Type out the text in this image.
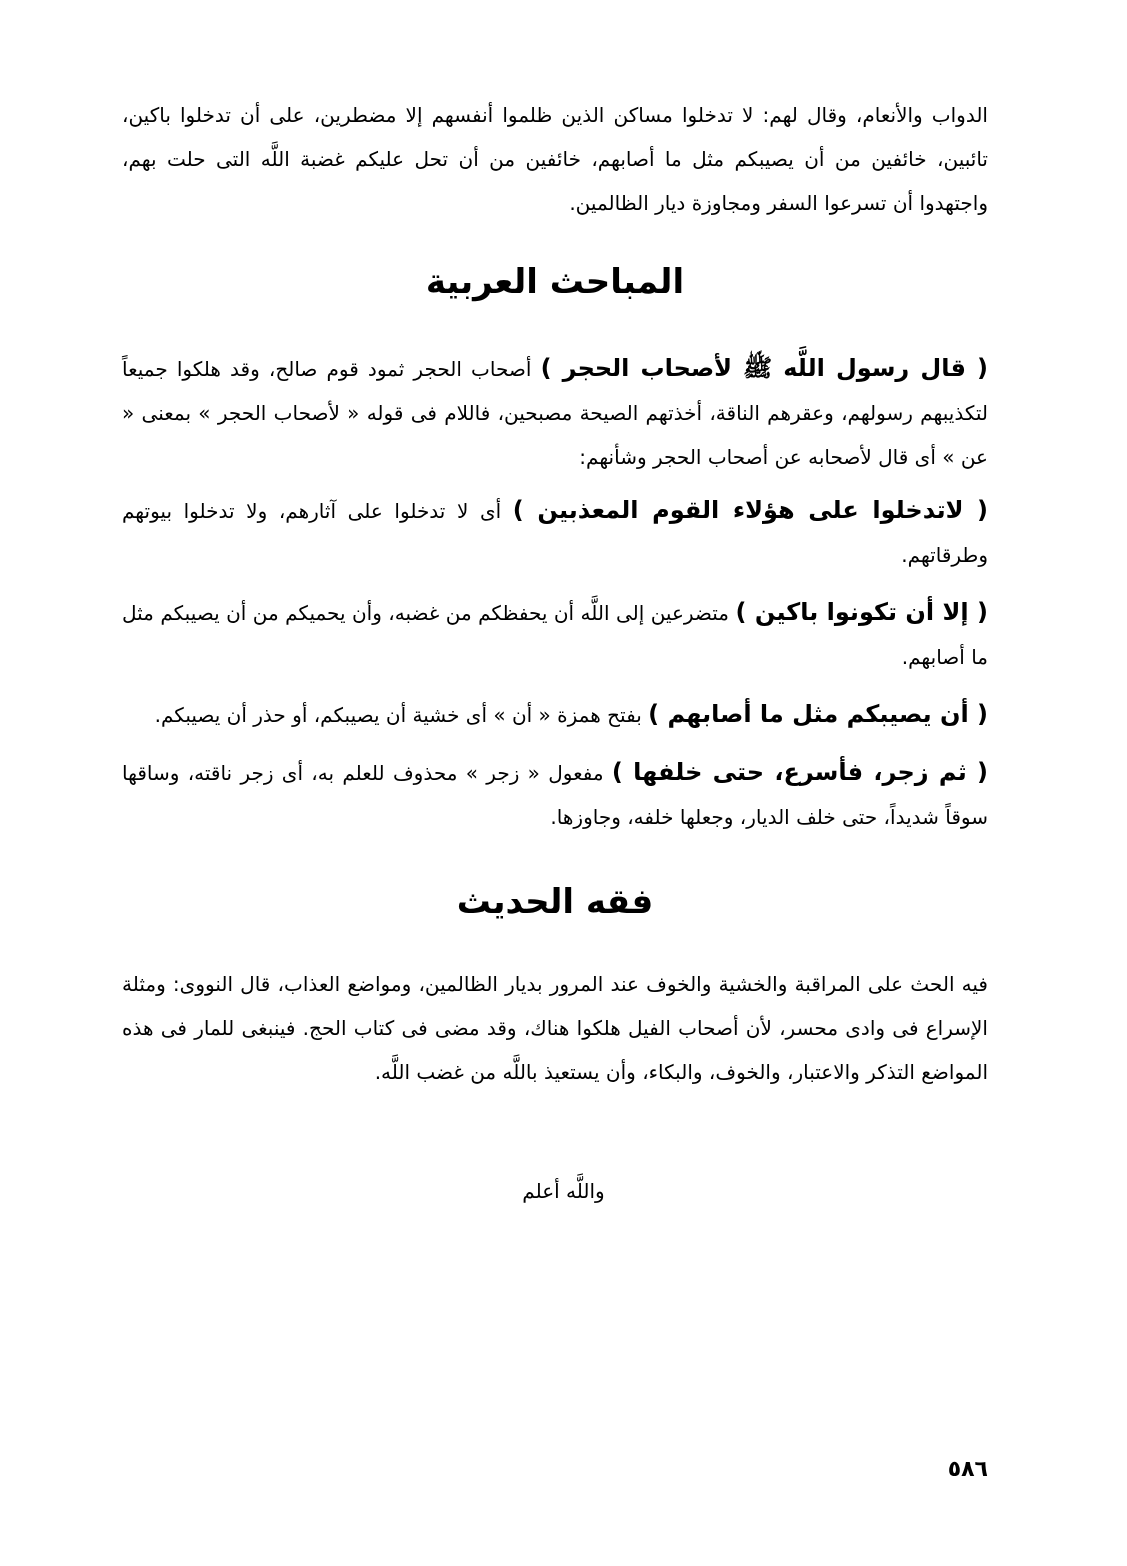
الدواب والأنعام، وقال لهم: لا تدخلوا مساكن الذين ظلموا أنفسهم إلا مضطرين، على أن تدخلوا باكين، تائبين، خائفين من أن يصيبكم مثل ما أصابهم، خائفين من أن تحل عليكم غضبة اللَّه التى حلت بهم، واجتهدوا أن تسرعوا السفر ومجاوزة ديار الظالمين.

المباحث العربية

( قال رسول اللَّه ﷺ لأصحاب الحجر ) أصحاب الحجر ثمود قوم صالح، وقد هلكوا جميعاً لتكذيبهم رسولهم، وعقرهم الناقة، أخذتهم الصيحة مصبحين، فاللام فى قوله « لأصحاب الحجر » بمعنى « عن » أى قال لأصحابه عن أصحاب الحجر وشأنهم:

( لاتدخلوا على هؤلاء القوم المعذبين ) أى لا تدخلوا على آثارهم، ولا تدخلوا بيوتهم وطرقاتهم.

( إلا أن تكونوا باكين ) متضرعين إلى اللَّه أن يحفظكم من غضبه، وأن يحميكم من أن يصيبكم مثل ما أصابهم.

( أن يصيبكم مثل ما أصابهم ) بفتح همزة « أن » أى خشية أن يصيبكم، أو حذر أن يصيبكم.

( ثم زجر، فأسرع، حتى خلفها ) مفعول « زجر » محذوف للعلم به، أى زجر ناقته، وساقها سوقاً شديداً، حتى خلف الديار، وجعلها خلفه، وجاوزها.

فقه الحديث

فيه الحث على المراقبة والخشية والخوف عند المرور بديار الظالمين، ومواضع العذاب، قال النووى: ومثلة الإسراع فى وادى محسر، لأن أصحاب الفيل هلكوا هناك، وقد مضى فى كتاب الحج. فينبغى للمار فى هذه المواضع التذكر والاعتبار، والخوف، والبكاء، وأن يستعيذ باللَّه من غضب اللَّه.

واللَّه أعلم

٥٨٦
